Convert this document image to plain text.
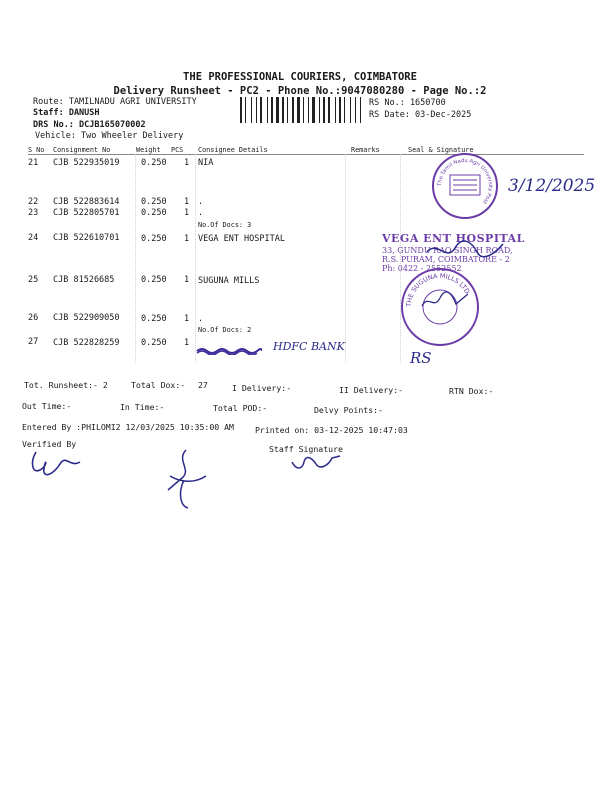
THE PROFESSIONAL COURIERS, COIMBATORE
Delivery Runsheet - PC2 - Phone No.:9047080280 - Page No.:2
Route: TAMILNADU AGRI UNIVERSITY
Staff: DANUSH
DRS No.: DCJB165070002
Vehicle: Two Wheeler Delivery
RS No.: 1650700
RS Date: 03-Dec-2025
S No Consignment No	Weight PCS Consignee Details	Remarks	Seal & Signature
21 CJB 522935019	0.250 1 NIA
22 CJB 522883614	0.250 1 .
23 CJB 522805701	0.250 1 .
No.Of Docs: 3
24 CJB 522610701	0.250 1 VEGA ENT HOSPITAL
25 CJB 81526685	0.250 1 SUGUNA MILLS
26 CJB 522909050	0.250 1 .
No.Of Docs: 2
27 CJB 522828259	0.250 1	HDFC BANK
The Tamil Nadu Agri University Post
3/12/2025
VEGA ENT HOSPITAL
33, GUNDU RAO SINGH ROAD,
R.S. PURAM, COIMBATORE - 2
Ph: 0422 - 2552552
THE SUGUNA MILLS LTD
RS
Tot. Runsheet:- 2	Total Dox:- 27	I Delivery:-	II Delivery:-	RTN Dox:-
Out Time:-	In Time:-	Total POD:-	Delvy Points:-
Entered By :PHILOMI2 12/03/2025 10:35:00 AM	Printed on: 03-12-2025 10:47:03
Verified By	Staff Signature
